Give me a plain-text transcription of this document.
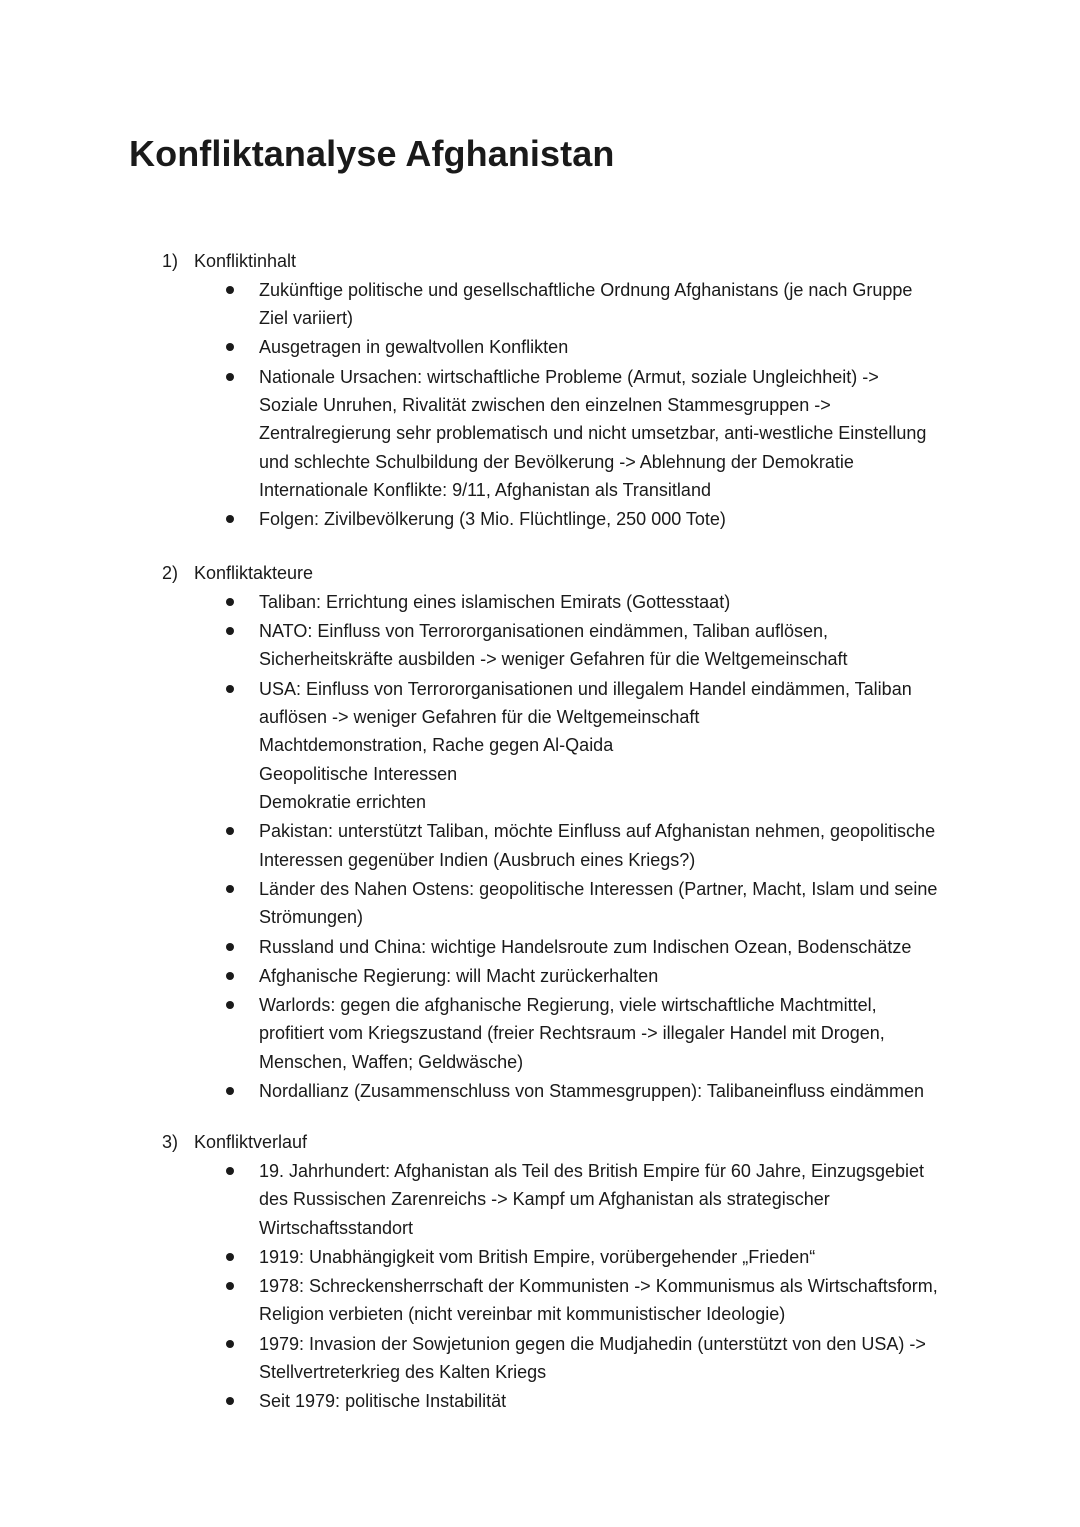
Konfliktanalyse Afghanistan
1) Konfliktinhalt
Zukünftige politische und gesellschaftliche Ordnung Afghanistans (je nach Gruppe
Ziel variiert)
Ausgetragen in gewaltvollen Konflikten
Nationale Ursachen: wirtschaftliche Probleme (Armut, soziale Ungleichheit) ->
Soziale Unruhen, Rivalität zwischen den einzelnen Stammesgruppen ->
Zentralregierung sehr problematisch und nicht umsetzbar, anti-westliche Einstellung
und schlechte Schulbildung der Bevölkerung -> Ablehnung der Demokratie
Internationale Konflikte: 9/11, Afghanistan als Transitland
Folgen: Zivilbevölkerung (3 Mio. Flüchtlinge, 250 000 Tote)
2) Konfliktakteure
Taliban: Errichtung eines islamischen Emirats (Gottesstaat)
NATO: Einfluss von Terrororganisationen eindämmen, Taliban auflösen,
Sicherheitskräfte ausbilden -> weniger Gefahren für die Weltgemeinschaft
USA: Einfluss von Terrororganisationen und illegalem Handel eindämmen, Taliban
auflösen -> weniger Gefahren für die Weltgemeinschaft
Machtdemonstration, Rache gegen Al-Qaida
Geopolitische Interessen
Demokratie errichten
Pakistan: unterstützt Taliban, möchte Einfluss auf Afghanistan nehmen, geopolitische
Interessen gegenüber Indien (Ausbruch eines Kriegs?)
Länder des Nahen Ostens: geopolitische Interessen (Partner, Macht, Islam und seine
Strömungen)
Russland und China: wichtige Handelsroute zum Indischen Ozean, Bodenschätze
Afghanische Regierung: will Macht zurückerhalten
Warlords: gegen die afghanische Regierung, viele wirtschaftliche Machtmittel,
profitiert vom Kriegszustand (freier Rechtsraum -> illegaler Handel mit Drogen,
Menschen, Waffen; Geldwäsche)
Nordallianz (Zusammenschluss von Stammesgruppen): Talibaneinfluss eindämmen
3) Konfliktverlauf
19. Jahrhundert: Afghanistan als Teil des British Empire für 60 Jahre, Einzugsgebiet
des Russischen Zarenreichs -> Kampf um Afghanistan als strategischer
Wirtschaftsstandort
1919: Unabhängigkeit vom British Empire, vorübergehender „Frieden“
1978: Schreckensherrschaft der Kommunisten -> Kommunismus als Wirtschaftsform,
Religion verbieten (nicht vereinbar mit kommunistischer Ideologie)
1979: Invasion der Sowjetunion gegen die Mudjahedin (unterstützt von den USA) ->
Stellvertreterkrieg des Kalten Kriegs
Seit 1979: politische Instabilität
